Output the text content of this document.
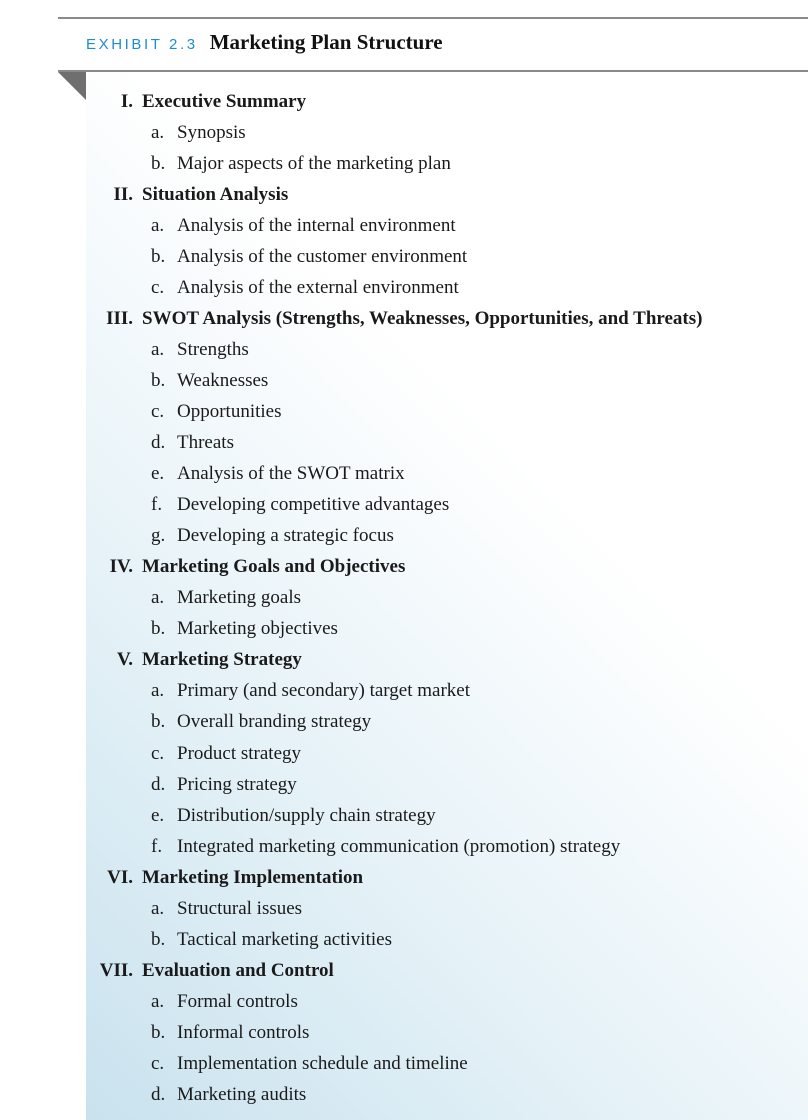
EXHIBIT 2.3 Marketing Plan Structure
I. Executive Summary
a. Synopsis
b. Major aspects of the marketing plan
II. Situation Analysis
a. Analysis of the internal environment
b. Analysis of the customer environment
c. Analysis of the external environment
III. SWOT Analysis (Strengths, Weaknesses, Opportunities, and Threats)
a. Strengths
b. Weaknesses
c. Opportunities
d. Threats
e. Analysis of the SWOT matrix
f. Developing competitive advantages
g. Developing a strategic focus
IV. Marketing Goals and Objectives
a. Marketing goals
b. Marketing objectives
V. Marketing Strategy
a. Primary (and secondary) target market
b. Overall branding strategy
c. Product strategy
d. Pricing strategy
e. Distribution/supply chain strategy
f. Integrated marketing communication (promotion) strategy
VI. Marketing Implementation
a. Structural issues
b. Tactical marketing activities
VII. Evaluation and Control
a. Formal controls
b. Informal controls
c. Implementation schedule and timeline
d. Marketing audits
